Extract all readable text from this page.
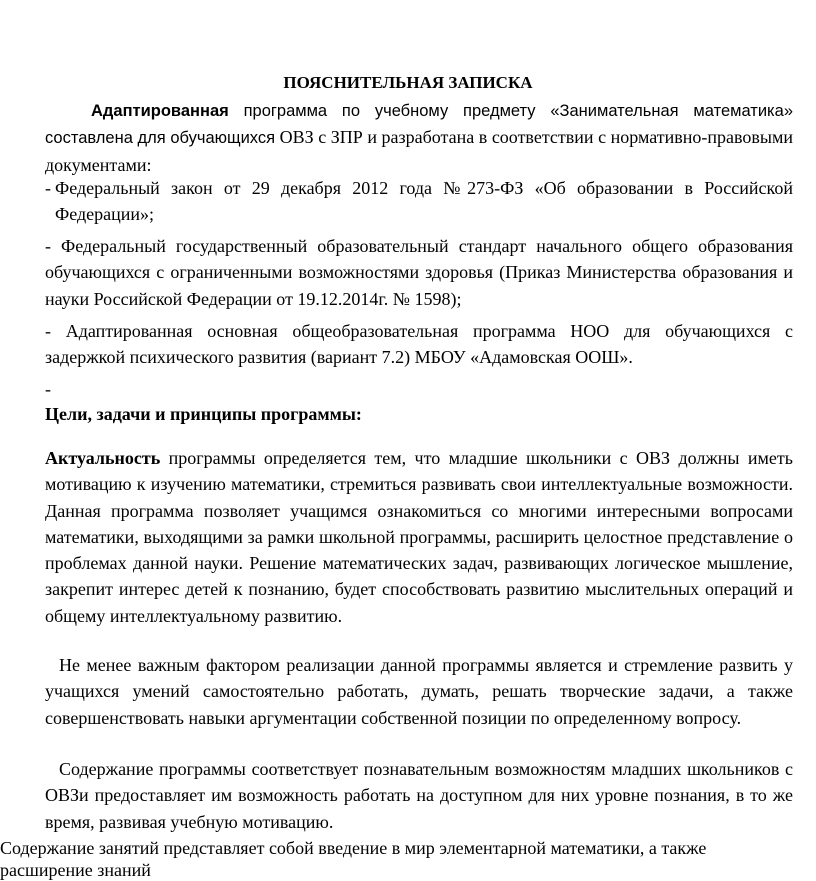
ПОЯСНИТЕЛЬНАЯ ЗАПИСКА
Адаптированная программа по учебному предмету «Занимательная математика» составлена для обучающихся ОВЗ с ЗПР и разработана в соответствии с нормативно-правовыми документами:
- Федеральный закон от 29 декабря 2012 года №273-ФЗ «Об образовании в Российской Федерации»;
- Федеральный государственный образовательный стандарт начального общего образования обучающихся с ограниченными возможностями здоровья (Приказ Министерства образования и науки Российской Федерации от 19.12.2014г. № 1598);
- Адаптированная основная общеобразовательная программа НОО для обучающихся с задержкой психического развития (вариант 7.2) МБОУ «Адамовская ООШ».
-
Цели, задачи и принципы программы:
Актуальность программы определяется тем, что младшие школьники с ОВЗ должны иметь мотивацию к изучению математики, стремиться развивать свои интеллектуальные возможности. Данная программа позволяет учащимся ознакомиться со многими интересными вопросами математики, выходящими за рамки школьной программы, расширить целостное представление о проблемах данной науки. Решение математических задач, развивающих логическое мышление, закрепит интерес детей к познанию, будет способствовать развитию мыслительных операций и общему интеллектуальному развитию.
Не менее важным фактором реализации данной программы является и стремление развить у учащихся умений самостоятельно работать, думать, решать творческие задачи, а также совершенствовать навыки аргументации собственной позиции по определенному вопросу.
Содержание программы соответствует познавательным возможностям младших школьников с ОВЗи предоставляет им возможность работать на доступном для них уровне познания, в то же время, развивая учебную мотивацию.
Содержание занятий представляет собой введение в мир элементарной математики, а также расширение знаний
